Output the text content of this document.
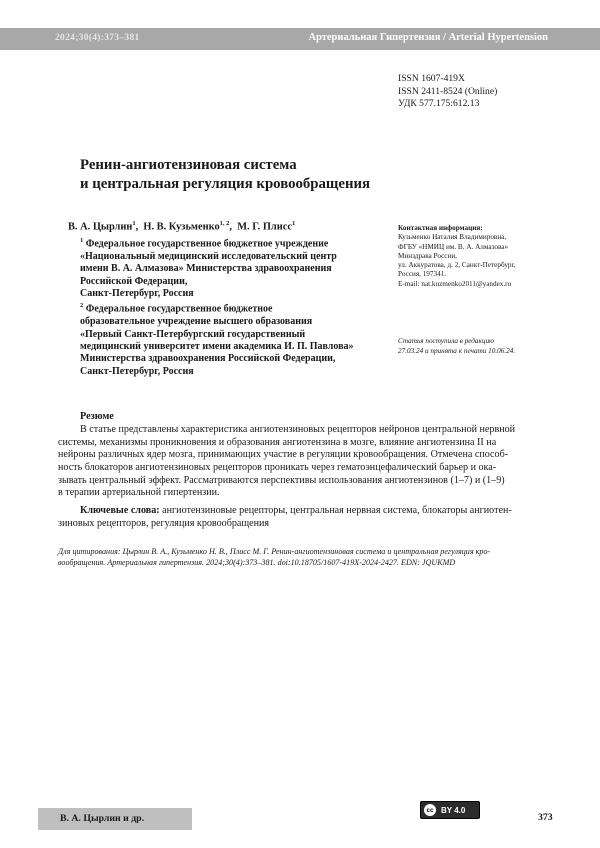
2024;30(4):373–381	Артериальная Гипертензия / Arterial Hypertension
ISSN 1607-419X
ISSN 2411-8524 (Online)
УДК 577.175:612.13
Ренин-ангиотензиновая система
и центральная регуляция кровообращения
В. А. Цырлин$^1$,  Н. В. Кузьменко$^{1, 2}$,  М. Г. Плисс$^1$

$^1$ Федеральное государственное бюджетное учреждение
«Национальный медицинский исследовательский центр
имени В. А. Алмазова» Министерства здравоохранения
Российской Федерации,
Санкт-Петербург, Россия

$^2$ Федеральное государственное бюджетное
образовательное учреждение высшего образования
«Первый Санкт-Петербургский государственный
медицинский университет имени академика И. П. Павлова»
Министерства здравоохранения Российской Федерации,
Санкт-Петербург, Россия

Контактная информация:
Кузьменко Наталия Владимировна,
ФГБУ «НМИЦ им. В. А. Алмазова»
Минздрава России,
ул. Аккуратова, д. 2, Санкт-Петербург,
Россия, 197341.
E-mail: nat.kuzmenko2011@yandex.ru
Статья поступила в редакцию
27.03.24 и принята к печати 10.06.24.
Резюме
В статье представлены характеристика ангиотензиновых рецепторов нейронов центральной нервной
системы, механизмы проникновения и образования ангиотензина в мозге, влияние ангиотензина II на
нейроны различных ядер мозга, принимающих участие в регуляции кровообращения. Отмечена способ-
ность блокаторов ангиотензиновых рецепторов проникать через гематоэнцефалический барьер и ока-
зывать центральный эффект. Рассматриваются перспективы использования ангиотензинов (1–7) и (1–9)
в терапии артериальной гипертензии.
Ключевые слова: ангиотензиновые рецепторы, центральная нервная система, блокаторы ангиотен-
зиновых рецепторов, регуляция кровообращения
Для цитирования: Цырлин В. А., Кузьменко Н. В., Плисс М. Г. Ренин-ангиотензиновая система и центральная регуляция кро-
вообращения. Артериальная гипертензия. 2024;30(4):373–381. doi:10.18705/1607-419X-2024-2427. EDN: JQUKMD
В. А. Цырлин и др.
cc BY 4.0
373
